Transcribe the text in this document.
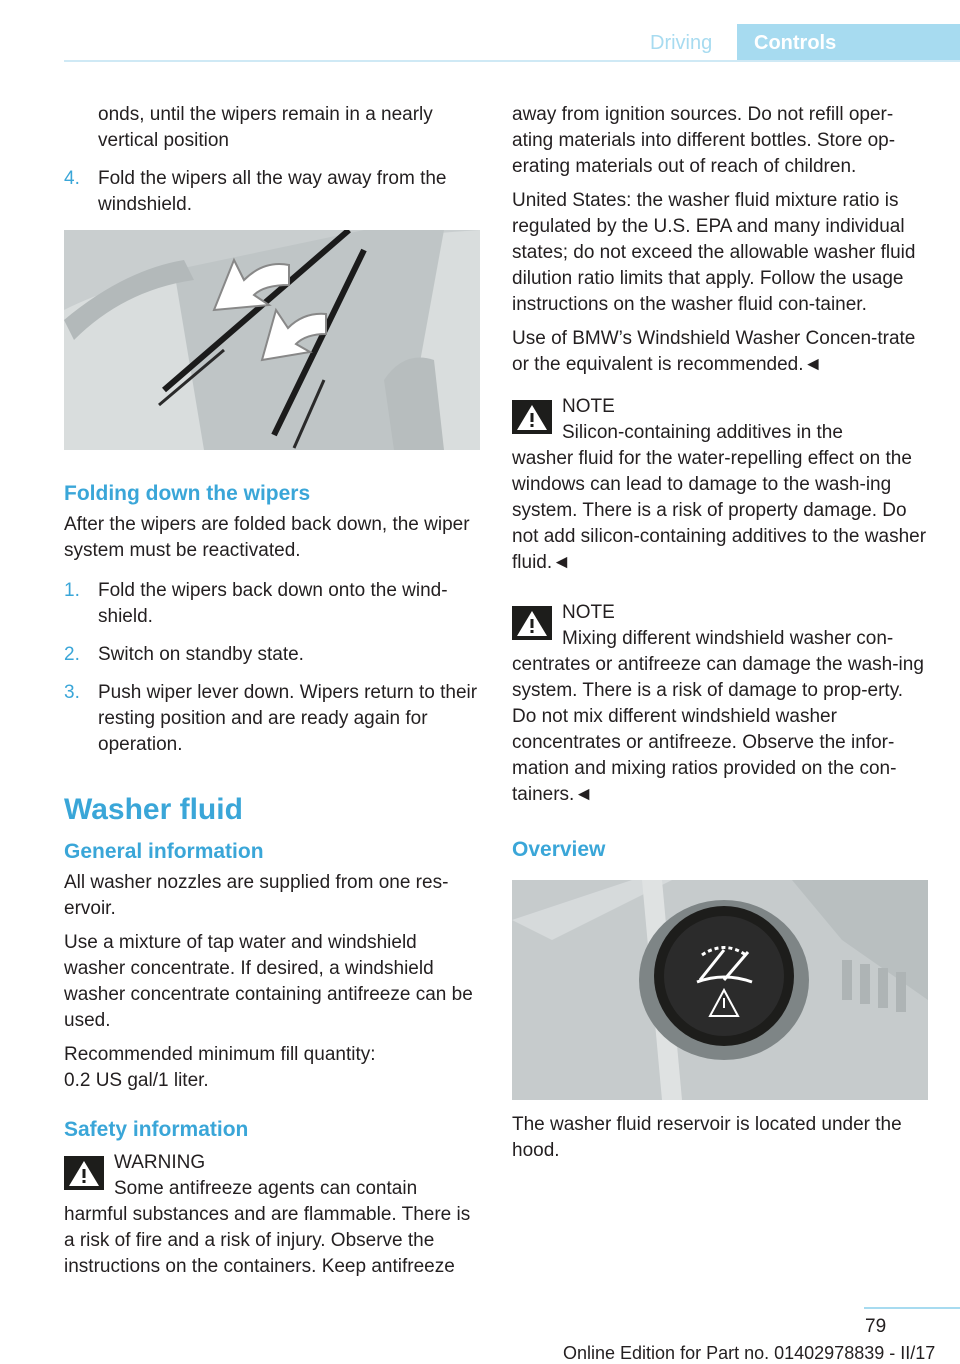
Driving	Controls
onds, until the wipers remain in a nearly vertical position
4. Fold the wipers all the way away from the windshield.
Folding down the wipers

After the wipers are folded back down, the wiper system must be reactivated.

1. Fold the wipers back down onto the wind‐shield.
2. Switch on standby state.
3. Push wiper lever down. Wipers return to their resting position and are ready again for operation.
Washer fluid
General information

All washer nozzles are supplied from one res‐ervoir.

Use a mixture of tap water and windshield washer concentrate. If desired, a windshield washer concentrate containing antifreeze can be used.

Recommended minimum fill quantity:
0.2 US gal/1 liter.

Safety information
WARNING
Some antifreeze agents can contain
harmful substances and are flammable. There is a risk of fire and a risk of injury. Observe the instructions on the containers. Keep antifreeze

away from ignition sources. Do not refill oper‐ating materials into different bottles. Store op‐erating materials out of reach of children.

United States: the washer fluid mixture ratio is regulated by the U.S. EPA and many individual states; do not exceed the allowable washer fluid dilution ratio limits that apply. Follow the usage instructions on the washer fluid con‐tainer.

Use of BMW’s Windshield Washer Concen‐trate or the equivalent is recommended.◄

NOTE
Silicon-containing additives in the
washer fluid for the water-repelling effect on the windows can lead to damage to the wash‐ing system. There is a risk of property damage. Do not add silicon-containing additives to the washer fluid.◄
NOTE
Mixing different windshield washer con‐
centrates or antifreeze can damage the wash‐ing system. There is a risk of damage to prop‐erty. Do not mix different windshield washer concentrates or antifreeze. Observe the infor‐mation and mixing ratios provided on the con‐tainers.◄
Overview

The washer fluid reservoir is located under the hood.

79
Online Edition for Part no. 01402978839 - II/17
